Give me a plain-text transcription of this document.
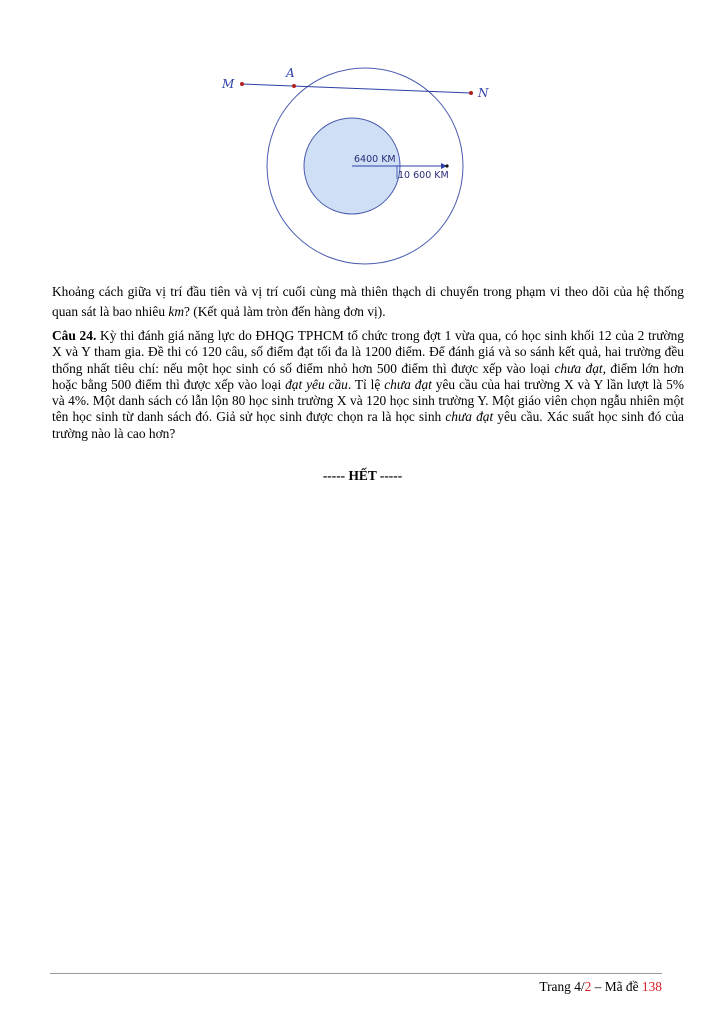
M
A
N
6400 KM
10 600 KM
Khoảng cách giữa vị trí đầu tiên và vị trí cuối cùng mà thiên thạch di chuyển trong phạm vi theo dõi của hệ thống quan sát là bao nhiêu km? (Kết quả làm tròn đến hàng đơn vị).
Câu 24. Kỳ thi đánh giá năng lực do ĐHQG TPHCM tổ chức trong đợt 1 vừa qua, có học sinh khối 12 của 2 trường X và Y tham gia. Đề thi có 120 câu, số điểm đạt tối đa là 1200 điểm. Để đánh giá và so sánh kết quả, hai trường đều thống nhất tiêu chí: nếu một học sinh có số điểm nhỏ hơn 500 điểm thì được xếp vào loại chưa đạt, điểm lớn hơn hoặc bằng 500 điểm thì được xếp vào loại đạt yêu cầu. Tỉ lệ chưa đạt yêu cầu của hai trường X và Y lần lượt là 5% và 4%. Một danh sách có lẫn lộn 80 học sinh trường X và 120 học sinh trường Y. Một giáo viên chọn ngẫu nhiên một tên học sinh từ danh sách đó. Giả sử học sinh được chọn ra là học sinh chưa đạt yêu cầu. Xác suất học sinh đó của trường nào là cao hơn?
----- HẾT -----
Trang 4/2 – Mã đề 138
